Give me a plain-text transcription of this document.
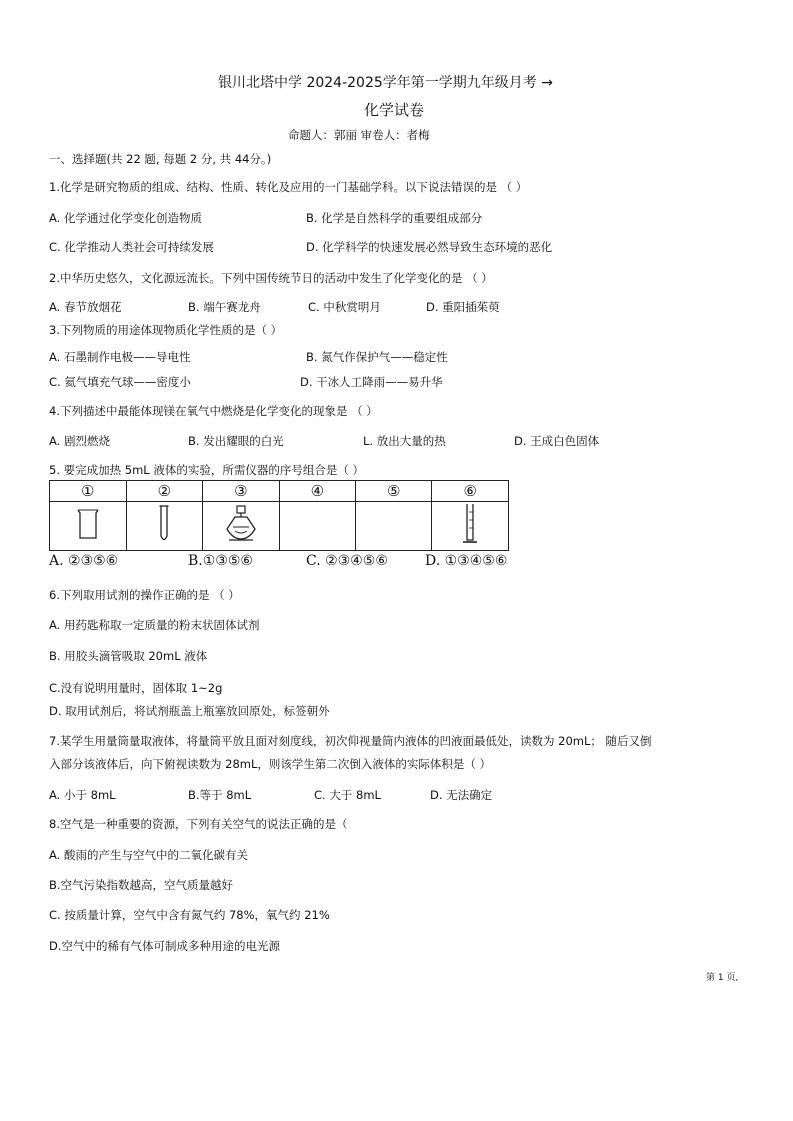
银川北塔中学 2024-2025学年第一学期九年级月考 →
化学试卷
命题人：郭丽 审卷人：者梅
一、选择题(共 22 题, 每题 2 分, 共 44分。)
1.化学是研究物质的组成、结构、性质、转化及应用的一门基础学科。以下说法错误的是 （ ）
A. 化学通过化学变化创造物质	B. 化学是自然科学的重要组成部分
C. 化学推动人类社会可持续发展	D. 化学科学的快速发展必然导致生态环境的恶化
2.中华历史悠久，文化源远流长。下列中国传统节日的活动中发生了化学变化的是 （ ）
A. 春节放烟花	B. 端午赛龙舟	C. 中秋赏明月	D. 重阳插茱萸
3.下列物质的用途体现物质化学性质的是（ ）
A. 石墨制作电极——导电性	B. 氮气作保护气——稳定性
C. 氦气填充气球——密度小	D. 干冰人工降雨——易升华
4.下列描述中最能体现镁在氧气中燃烧是化学变化的现象是 （ ）
A. 剧烈燃烧	B. 发出耀眼的白光	L. 放出大量的热	D. 王成白色固体
5. 要完成加热 5mL 液体的实验，所需仪器的序号组合是（ ）
①	②	③	④	⑤	⑥

A. ②③⑤⑥	B.①③⑤⑥	C. ②③④⑤⑥	D. ①③④⑤⑥
6.下列取用试剂的操作正确的是 （ ）
A. 用药匙称取一定质量的粉末状固体试剂
B. 用胶头滴管吸取 20mL 液体
C.没有说明用量时，固体取 1~2g
D. 取用试剂后，将试剂瓶盖上瓶塞放回原处，标签朝外
7.某学生用量筒量取液体，将量筒平放且面对刻度线，初次仰视量筒内液体的凹液面最低处，读数为 20mL； 随后又倒
入部分该液体后，向下俯视读数为 28mL，则该学生第二次倒入液体的实际体积是（ ）
A. 小于 8mL	B.等于 8mL	C. 大于 8mL	D. 无法确定
8.空气是一种重要的资源，下列有关空气的说法正确的是（
A. 酸雨的产生与空气中的二氧化碳有关
B.空气污染指数越高，空气质量越好
C. 按质量计算，空气中含有氮气约 78%，氧气约 21%
D.空气中的稀有气体可制成多种用途的电光源
第 1 页,
